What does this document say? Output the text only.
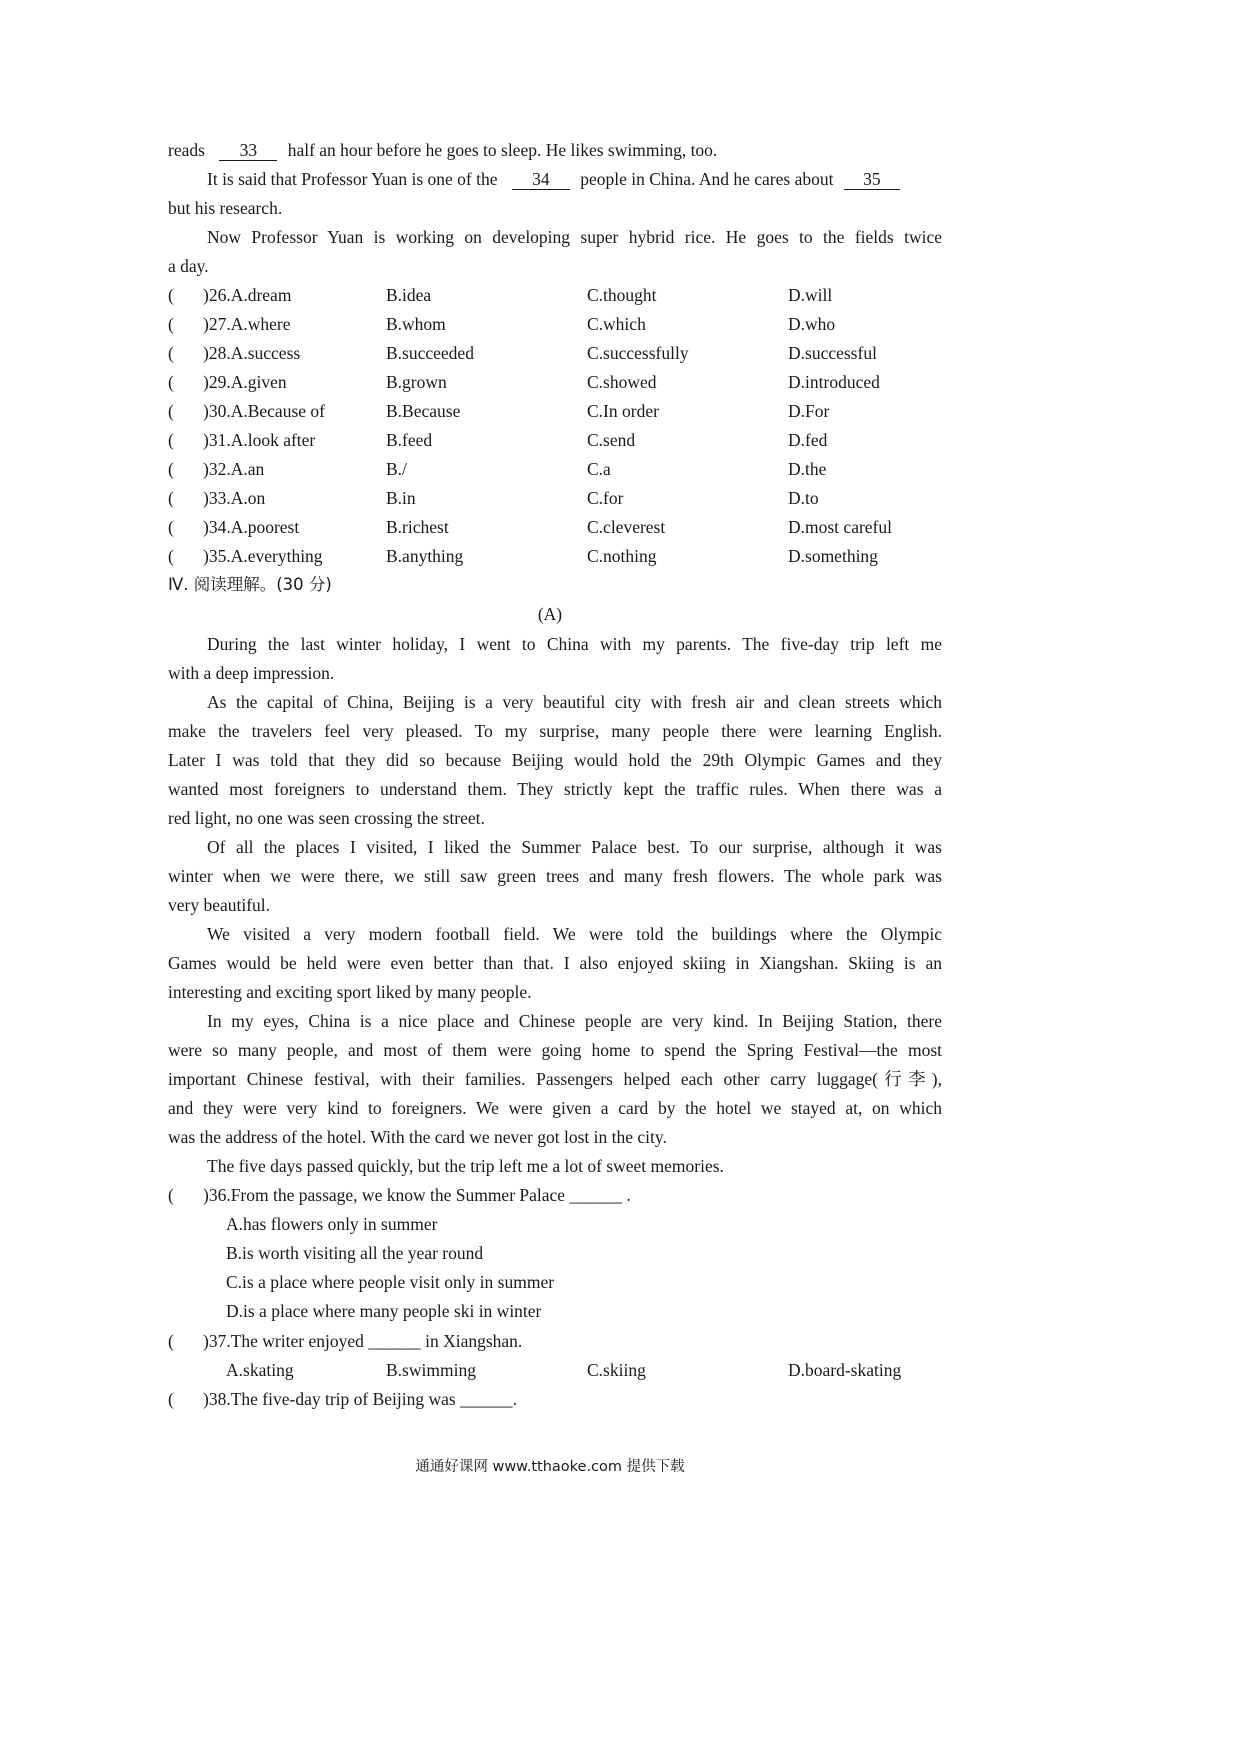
reads 33 half an hour before he goes to sleep. He likes swimming, too.
It is said that Professor Yuan is one of the 34 people in China. And he cares about 35
but his research.
Now Professor Yuan is working on developing super hybrid rice. He goes to the fields twice
a day.
( )26.A.dream	B.idea	C.thought	D.will
( )27.A.where	B.whom	C.which	D.who
( )28.A.success	B.succeeded	C.successfully	D.successful
( )29.A.given	B.grown	C.showed	D.introduced
( )30.A.Because of	B.Because	C.In order	D.For
( )31.A.look after	B.feed	C.send	D.fed
( )32.A.an	B./	C.a	D.the
( )33.A.on	B.in	C.for	D.to
( )34.A.poorest	B.richest	C.cleverest	D.most careful
( )35.A.everything	B.anything	C.nothing	D.something
Ⅳ. 阅读理解。(30 分)
(A)
During the last winter holiday, I went to China with my parents. The five-day trip left me
with a deep impression.
As the capital of China, Beijing is a very beautiful city with fresh air and clean streets which
make the travelers feel very pleased. To my surprise, many people there were learning English.
Later I was told that they did so because Beijing would hold the 29th Olympic Games and they
wanted most foreigners to understand them. They strictly kept the traffic rules. When there was a
red light, no one was seen crossing the street.
Of all the places I visited, I liked the Summer Palace best. To our surprise, although it was
winter when we were there, we still saw green trees and many fresh flowers. The whole park was
very beautiful.
We visited a very modern football field. We were told the buildings where the Olympic
Games would be held were even better than that. I also enjoyed skiing in Xiangshan. Skiing is an
interesting and exciting sport liked by many people.
In my eyes, China is a nice place and Chinese people are very kind. In Beijing Station, there
were so many people, and most of them were going home to spend the Spring Festival—the most
important Chinese festival, with their families. Passengers helped each other carry luggage(行李),
and they were very kind to foreigners. We were given a card by the hotel we stayed at, on which
was the address of the hotel. With the card we never got lost in the city.
The five days passed quickly, but the trip left me a lot of sweet memories.
( )36.From the passage, we know the Summer Palace ______ .
A.has flowers only in summer
B.is worth visiting all the year round
C.is a place where people visit only in summer
D.is a place where many people ski in winter
( )37.The writer enjoyed ______ in Xiangshan.
A.skating	B.swimming	C.skiing	D.board-skating
( )38.The five-day trip of Beijing was ______.
通通好课网 www.tthaoke.com 提供下载
